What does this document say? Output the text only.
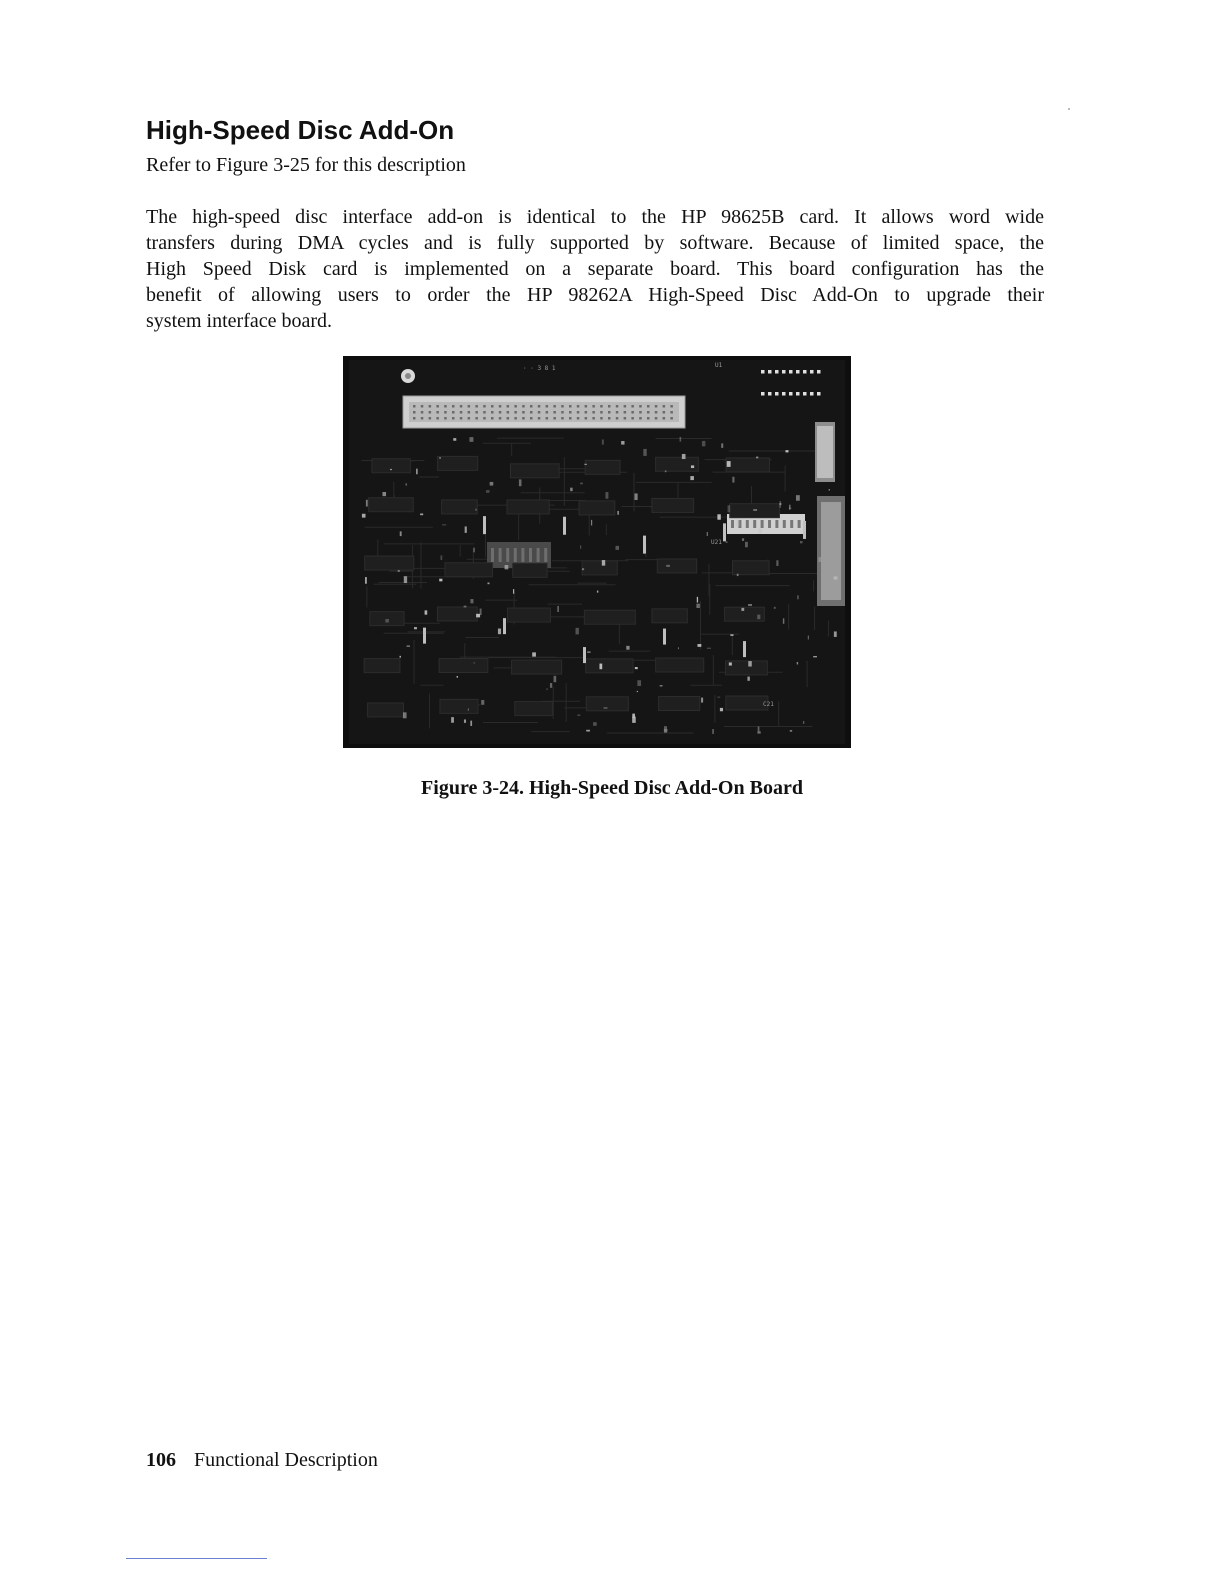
High-Speed Disc Add-On
Refer to Figure 3-25 for this description
The high-speed disc interface add-on is identical to the HP 98625B card. It allows word wide
transfers during DMA cycles and is fully supported by software. Because of limited space, the
High Speed Disk card is implemented on a separate board. This board configuration has the
benefit of allowing users to order the HP 98262A High-Speed Disc Add-On to upgrade their
system interface board.
· · 3 8 1	U1
U21
C21
Figure 3-24. High-Speed Disc Add-On Board
106 Functional Description
